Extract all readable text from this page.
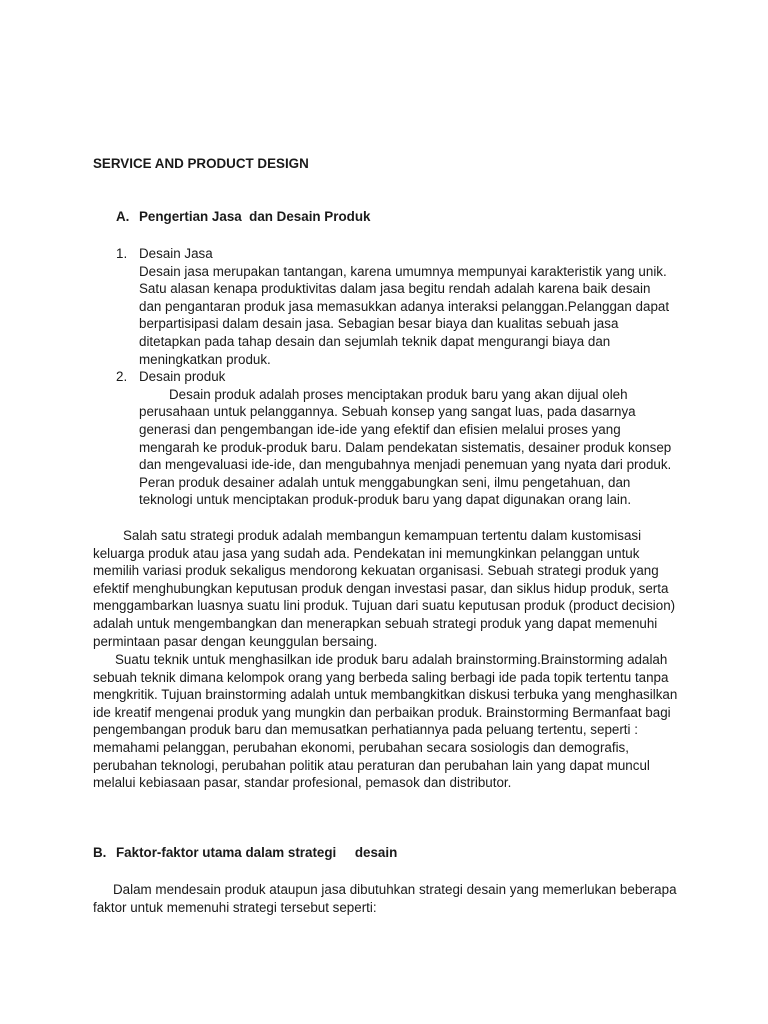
SERVICE AND PRODUCT DESIGN
A. Pengertian Jasa  dan Desain Produk
1. Desain Jasa

Desain jasa merupakan tantangan, karena umumnya mempunyai karakteristik yang unik. Satu alasan kenapa produktivitas dalam jasa begitu rendah adalah karena baik desain dan pengantaran produk jasa memasukkan adanya interaksi pelanggan.Pelanggan dapat berpartisipasi dalam desain jasa. Sebagian besar biaya dan kualitas sebuah jasa ditetapkan pada tahap desain dan sejumlah teknik dapat mengurangi biaya dan meningkatkan produk.

2. Desain produk

Desain produk adalah proses menciptakan produk baru yang akan dijual oleh perusahaan untuk pelanggannya. Sebuah konsep yang sangat luas, pada dasarnya generasi dan pengembangan ide-ide yang efektif dan efisien melalui proses yang mengarah ke produk-produk baru. Dalam pendekatan sistematis, desainer produk konsep dan mengevaluasi ide-ide, dan mengubahnya menjadi penemuan yang nyata dari produk. Peran produk desainer adalah untuk menggabungkan seni, ilmu pengetahuan, dan teknologi untuk menciptakan produk-produk baru yang dapat digunakan orang lain.

Salah satu strategi produk adalah membangun kemampuan tertentu dalam kustomisasi keluarga produk atau jasa yang sudah ada. Pendekatan ini memungkinkan pelanggan untuk memilih variasi produk sekaligus mendorong kekuatan organisasi. Sebuah strategi produk yang efektif menghubungkan keputusan produk dengan investasi pasar, dan siklus hidup produk, serta menggambarkan luasnya suatu lini produk. Tujuan dari suatu keputusan produk (product decision) adalah untuk mengembangkan dan menerapkan sebuah strategi produk yang dapat memenuhi permintaan pasar dengan keunggulan bersaing.

Suatu teknik untuk menghasilkan ide produk baru adalah brainstorming.Brainstorming adalah sebuah teknik dimana kelompok orang yang berbeda saling berbagi ide pada topik tertentu tanpa mengkritik. Tujuan brainstorming adalah untuk membangkitkan diskusi terbuka yang menghasilkan ide kreatif mengenai produk yang mungkin dan perbaikan produk. Brainstorming Bermanfaat bagi pengembangan produk baru dan memusatkan perhatiannya pada peluang tertentu, seperti : memahami pelanggan, perubahan ekonomi, perubahan secara sosiologis dan demografis, perubahan teknologi, perubahan politik atau peraturan dan perubahan lain yang dapat muncul melalui kebiasaan pasar, standar profesional, pemasok dan distributor.

B. Faktor-faktor utama dalam strategi     desain

Dalam mendesain produk ataupun jasa dibutuhkan strategi desain yang memerlukan beberapa faktor untuk memenuhi strategi tersebut seperti:
